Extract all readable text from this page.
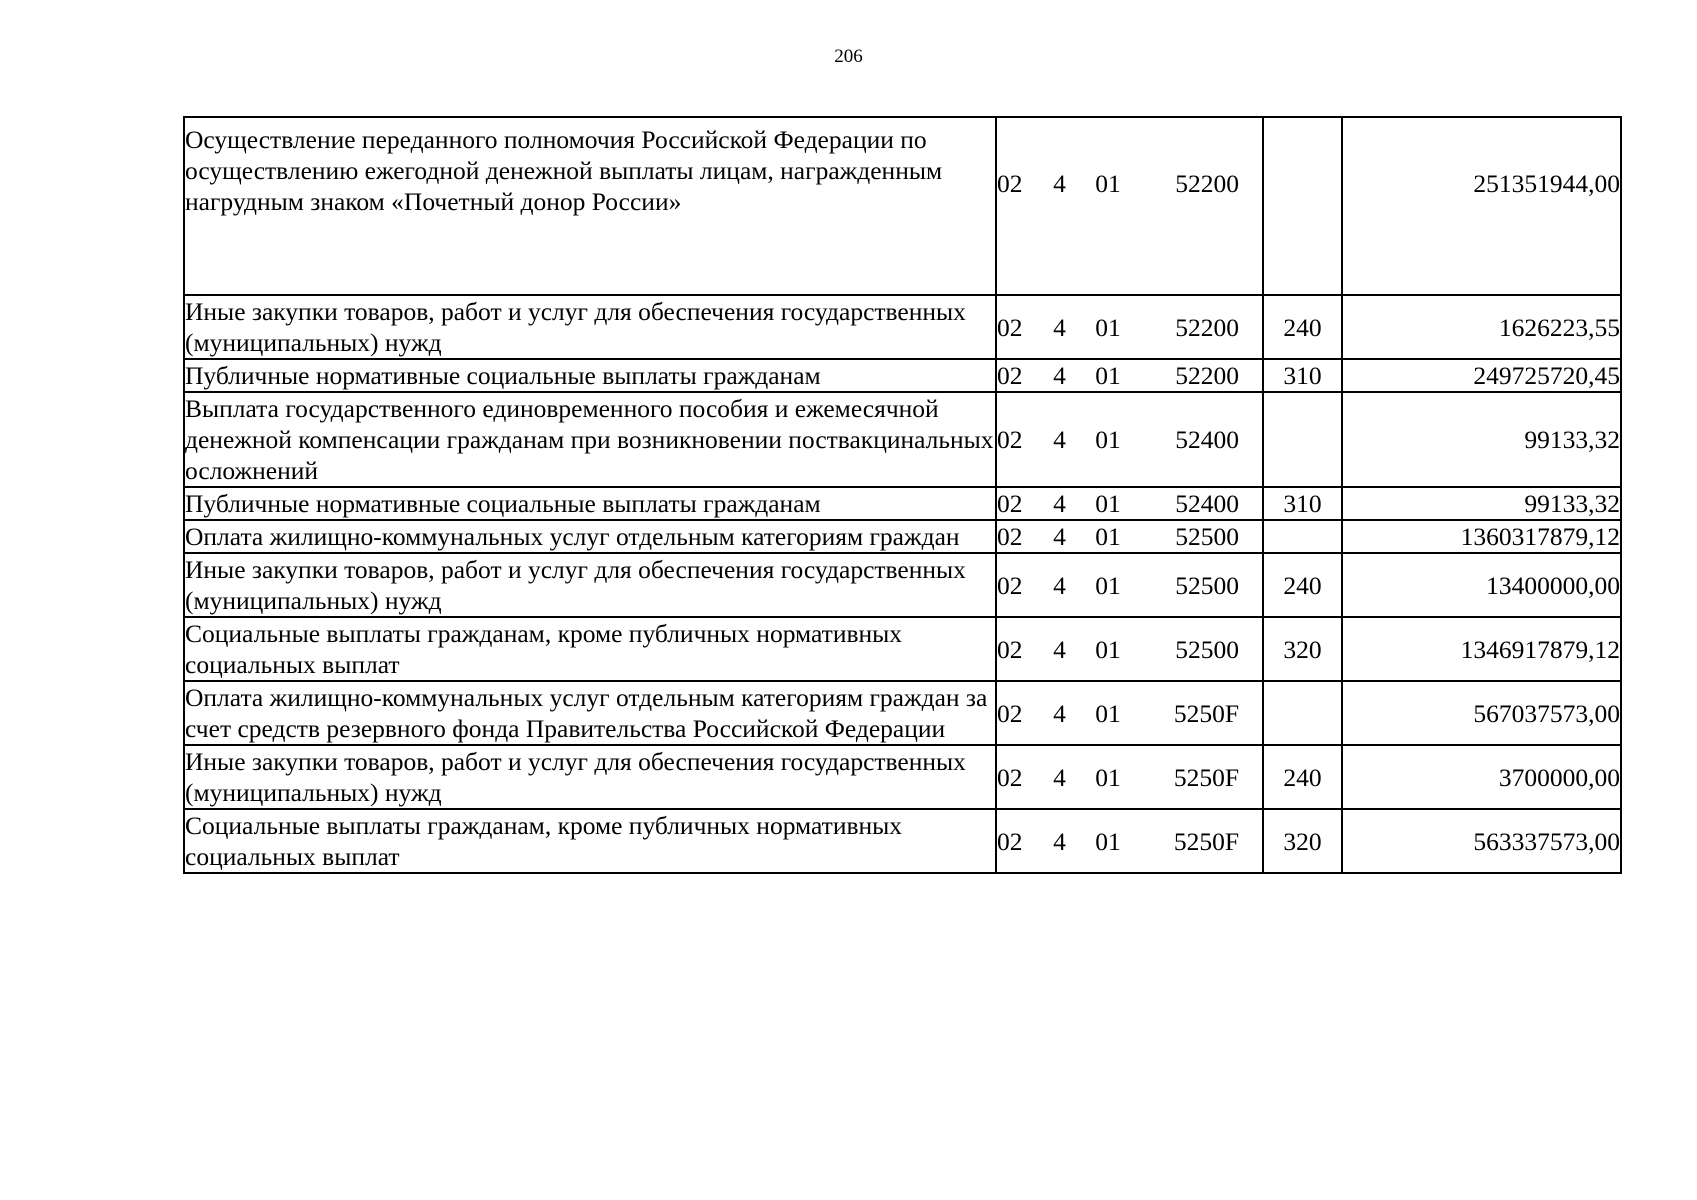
206
Осуществление переданного полномочия Российской Федерации по осуществлению ежегодной денежной выплаты лицам, награжденным нагрудным знаком «Почетный донор России»	02 4 01 52200		251351944,00
Иные закупки товаров, работ и услуг для обеспечения государственных (муниципальных) нужд	02 4 01 52200	240	1626223,55
Публичные нормативные социальные выплаты гражданам	02 4 01 52200	310	249725720,45
Выплата государственного единовременного пособия и ежемесячной денежной компенсации гражданам при возникновении поствакцинальных осложнений	02 4 01 52400		99133,32
Публичные нормативные социальные выплаты гражданам	02 4 01 52400	310	99133,32
Оплата жилищно-коммунальных услуг отдельным категориям граждан	02 4 01 52500		1360317879,12
Иные закупки товаров, работ и услуг для обеспечения государственных (муниципальных) нужд	02 4 01 52500	240	13400000,00
Социальные выплаты гражданам, кроме публичных нормативных социальных выплат	02 4 01 52500	320	1346917879,12
Оплата жилищно-коммунальных услуг отдельным категориям граждан за счет средств резервного фонда Правительства Российской Федерации	02 4 01 5250F		567037573,00
Иные закупки товаров, работ и услуг для обеспечения государственных (муниципальных) нужд	02 4 01 5250F	240	3700000,00
Социальные выплаты гражданам, кроме публичных нормативных социальных выплат	02 4 01 5250F	320	563337573,00
